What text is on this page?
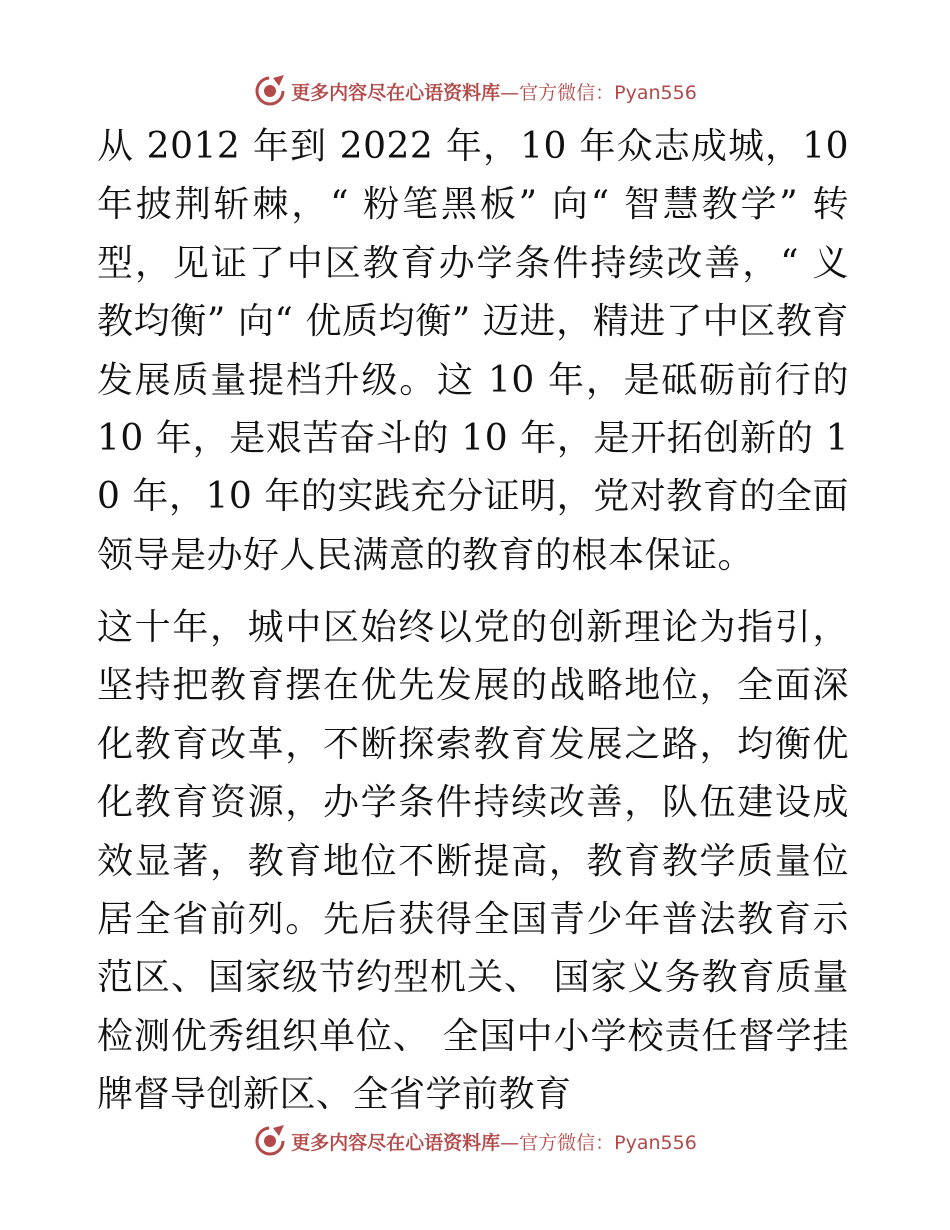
更多内容尽在心语资料库 —官方微信：Pyan556

从 2012 年到 2022 年，10 年众志成城，10 年披荆斩棘，“ 粉笔黑板” 向“ 智慧教学” 转型，见证了中区教育办学条件持续改善，“ 义教均衡” 向“ 优质均衡” 迈进，精进了中区教育发展质量提档升级。这 10 年，是砥砺前行的 10 年，是艰苦奋斗的 10 年，是开拓创新的 10 年，10 年的实践充分证明，党对教育的全面领导是办好人民满意的教育的根本保证。

这十年，城中区始终以党的创新理论为指引，坚持把教育摆在优先发展的战略地位，全面深化教育改革，不断探索教育发展之路，均衡优化教育资源，办学条件持续改善，队伍建设成效显著，教育地位不断提高，教育教学质量位居全省前列。先后获得全国青少年普法教育示范区、国家级节约型机关、 国家义务教育质量检测优秀组织单位、 全国中小学校责任督学挂牌督导创新区、全省学前教育

更多内容尽在心语资料库 —官方微信：Pyan556
